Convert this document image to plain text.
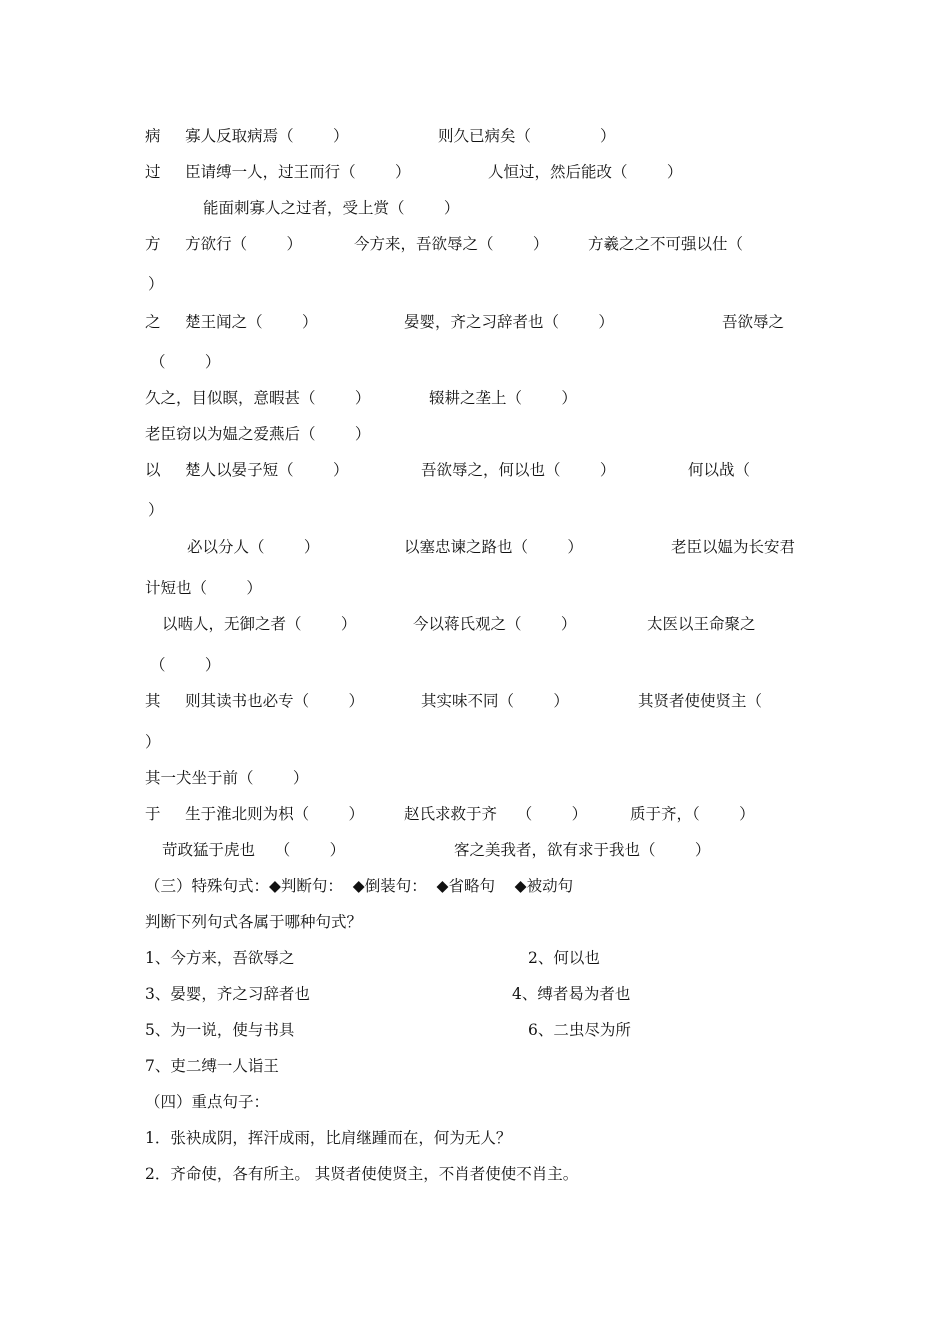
病     寡人反取病焉（        ）	则久已病矣（              ）
过     臣请缚一人，过王而行（        ）	人恒过，然后能改（        ）
能面刺寡人之过者，受上赏（        ）
方     方欲行（        ）	今方来，吾欲辱之（        ）	方羲之之不可强以仕（
）
之     楚王闻之（        ）	晏婴，齐之习辞者也（        ）	吾欲辱之
（        ）
久之，目似瞑，意暇甚（        ）	辍耕之垄上（        ）
老臣窃以为媪之爱燕后（        ）
以     楚人以晏子短（        ）	吾欲辱之，何以也（        ）	何以战（
）
必以分人（        ）	以塞忠谏之路也（        ）	老臣以媪为长安君
计短也（        ）
以啮人，无御之者（        ）	今以蒋氏观之（        ）	太医以王命聚之
（        ）
其     则其读书也必专（        ）	其实味不同（        ）	其贤者使使贤主（
）
其一犬坐于前（        ）
于     生于淮北则为枳（        ）	赵氏求救于齐    （        ）	质于齐，（        ）
苛政猛于虎也    （        ）	客之美我者，欲有求于我也（        ）
（三）特殊句式：◆判断句：  ◆倒装句：  ◆省略句    ◆被动句
判断下列句式各属于哪种句式？
1、今方来，吾欲辱之	2、何以也
3、晏婴，齐之习辞者也	4、缚者曷为者也
5、为一说，使与书具	6、二虫尽为所
7、吏二缚一人诣王
（四）重点句子：
1．张袂成阴，挥汗成雨，比肩继踵而在，何为无人？
2．齐命使，各有所主。 其贤者使使贤主，不肖者使使不肖主。
